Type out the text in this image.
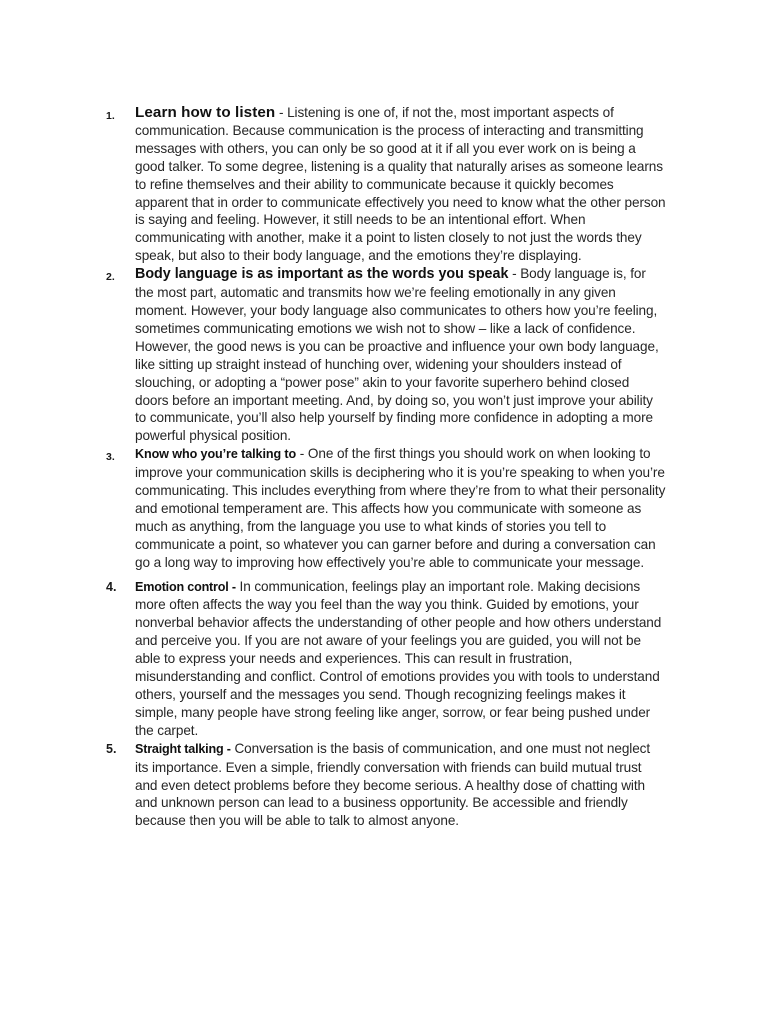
1. Learn how to listen - Listening is one of, if not the, most important aspects of communication. Because communication is the process of interacting and transmitting messages with others, you can only be so good at it if all you ever work on is being a good talker. To some degree, listening is a quality that naturally arises as someone learns to refine themselves and their ability to communicate because it quickly becomes apparent that in order to communicate effectively you need to know what the other person is saying and feeling. However, it still needs to be an intentional effort. When communicating with another, make it a point to listen closely to not just the words they speak, but also to their body language, and the emotions they’re displaying.

2. Body language is as important as the words you speak - Body language is, for the most part, automatic and transmits how we’re feeling emotionally in any given moment. However, your body language also communicates to others how you’re feeling, sometimes communicating emotions we wish not to show – like a lack of confidence. However, the good news is you can be proactive and influence your own body language, like sitting up straight instead of hunching over, widening your shoulders instead of slouching, or adopting a “power pose” akin to your favorite superhero behind closed doors before an important meeting. And, by doing so, you won’t just improve your ability to communicate, you’ll also help yourself by finding more confidence in adopting a more powerful physical position.

3. Know who you’re talking to - One of the first things you should work on when looking to improve your communication skills is deciphering who it is you’re speaking to when you’re communicating. This includes everything from where they’re from to what their personality and emotional temperament are. This affects how you communicate with someone as much as anything, from the language you use to what kinds of stories you tell to communicate a point, so whatever you can garner before and during a conversation can go a long way to improving how effectively you’re able to communicate your message.

4. Emotion control - In communication, feelings play an important role. Making decisions more often affects the way you feel than the way you think. Guided by emotions, your nonverbal behavior affects the understanding of other people and how others understand and perceive you. If you are not aware of your feelings you are guided, you will not be able to express your needs and experiences. This can result in frustration, misunderstanding and conflict. Control of emotions provides you with tools to understand others, yourself and the messages you send. Though recognizing feelings makes it simple, many people have strong feeling like anger, sorrow, or fear being pushed under the carpet.

5. Straight talking - Conversation is the basis of communication, and one must not neglect its importance. Even a simple, friendly conversation with friends can build mutual trust and even detect problems before they become serious. A healthy dose of chatting with and unknown person can lead to a business opportunity. Be accessible and friendly because then you will be able to talk to almost anyone.
